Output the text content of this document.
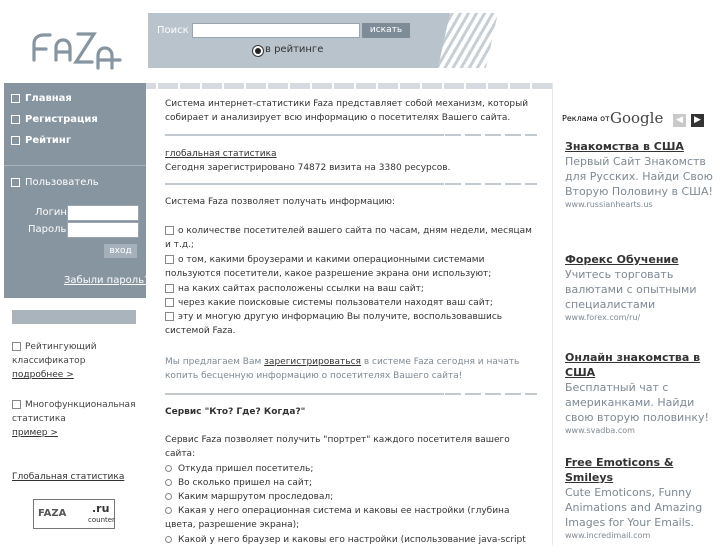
Поиск	искать
в рейтинге
Главная
Регистрация
Рейтинг
Пользователь
Логин
Пароль
вход
Забыли пароль?
Рейтингующий классификатор
подробнее >
Многофункциональная статистика
пример >
Глобальная статистика
FAZA .ru
counter
Система интернет-статистики Faza представляет собой механизм, который собирает и анализирует всю информацию о посетителях Вашего сайта.
глобальная статистика
Сегодня зарегистрировано 74872 визита на 3380 ресурсов.
Система Faza позволяет получать информацию:
о количестве посетителей вашего сайта по часам, дням недели, месяцам и т.д.;
о том, какими броузерами и какими операционными системами пользуются посетители, какое разрешение экрана они используют;
на каких сайтах расположены ссылки на ваш сайт;
через какие поисковые системы пользователи находят ваш сайт;
эту и многую другую информацию Вы получите, воспользовавшись системой Faza.
Мы предлагаем Вам зарегистрироваться в системе Faza сегодня и начать копить бесценную информацию о посетителях Вашего сайта!
Сервис "Кто? Где? Когда?"
Сервис Faza позволяет получить "портрет" каждого посетителя вашего сайта:
Откуда пришел посетитель;
Во сколько пришел на сайт;
Каким маршрутом проследовал;
Какая у него операционная система и каковы ее настройки (глубина цвета, разрешение экрана);
Какой у него браузер и каковы его настройки (использование java-script
Реклама от Google	◀	▶
Знакомства в США
Первый Сайт Знакомств для Русских. Найди Свою Вторую Половину в США!
www.russianhearts.us
Форекс Обучение
Учитесь торговать валютами с опытными специалистами
www.forex.com/ru/
Онлайн знакомства в США
Бесплатный чат с американками. Найди свою вторую половинку!
www.svadba.com
Free Emoticons & Smileys
Cute Emoticons, Funny Animations and Amazing Images for Your Emails.
www.incredimail.com
